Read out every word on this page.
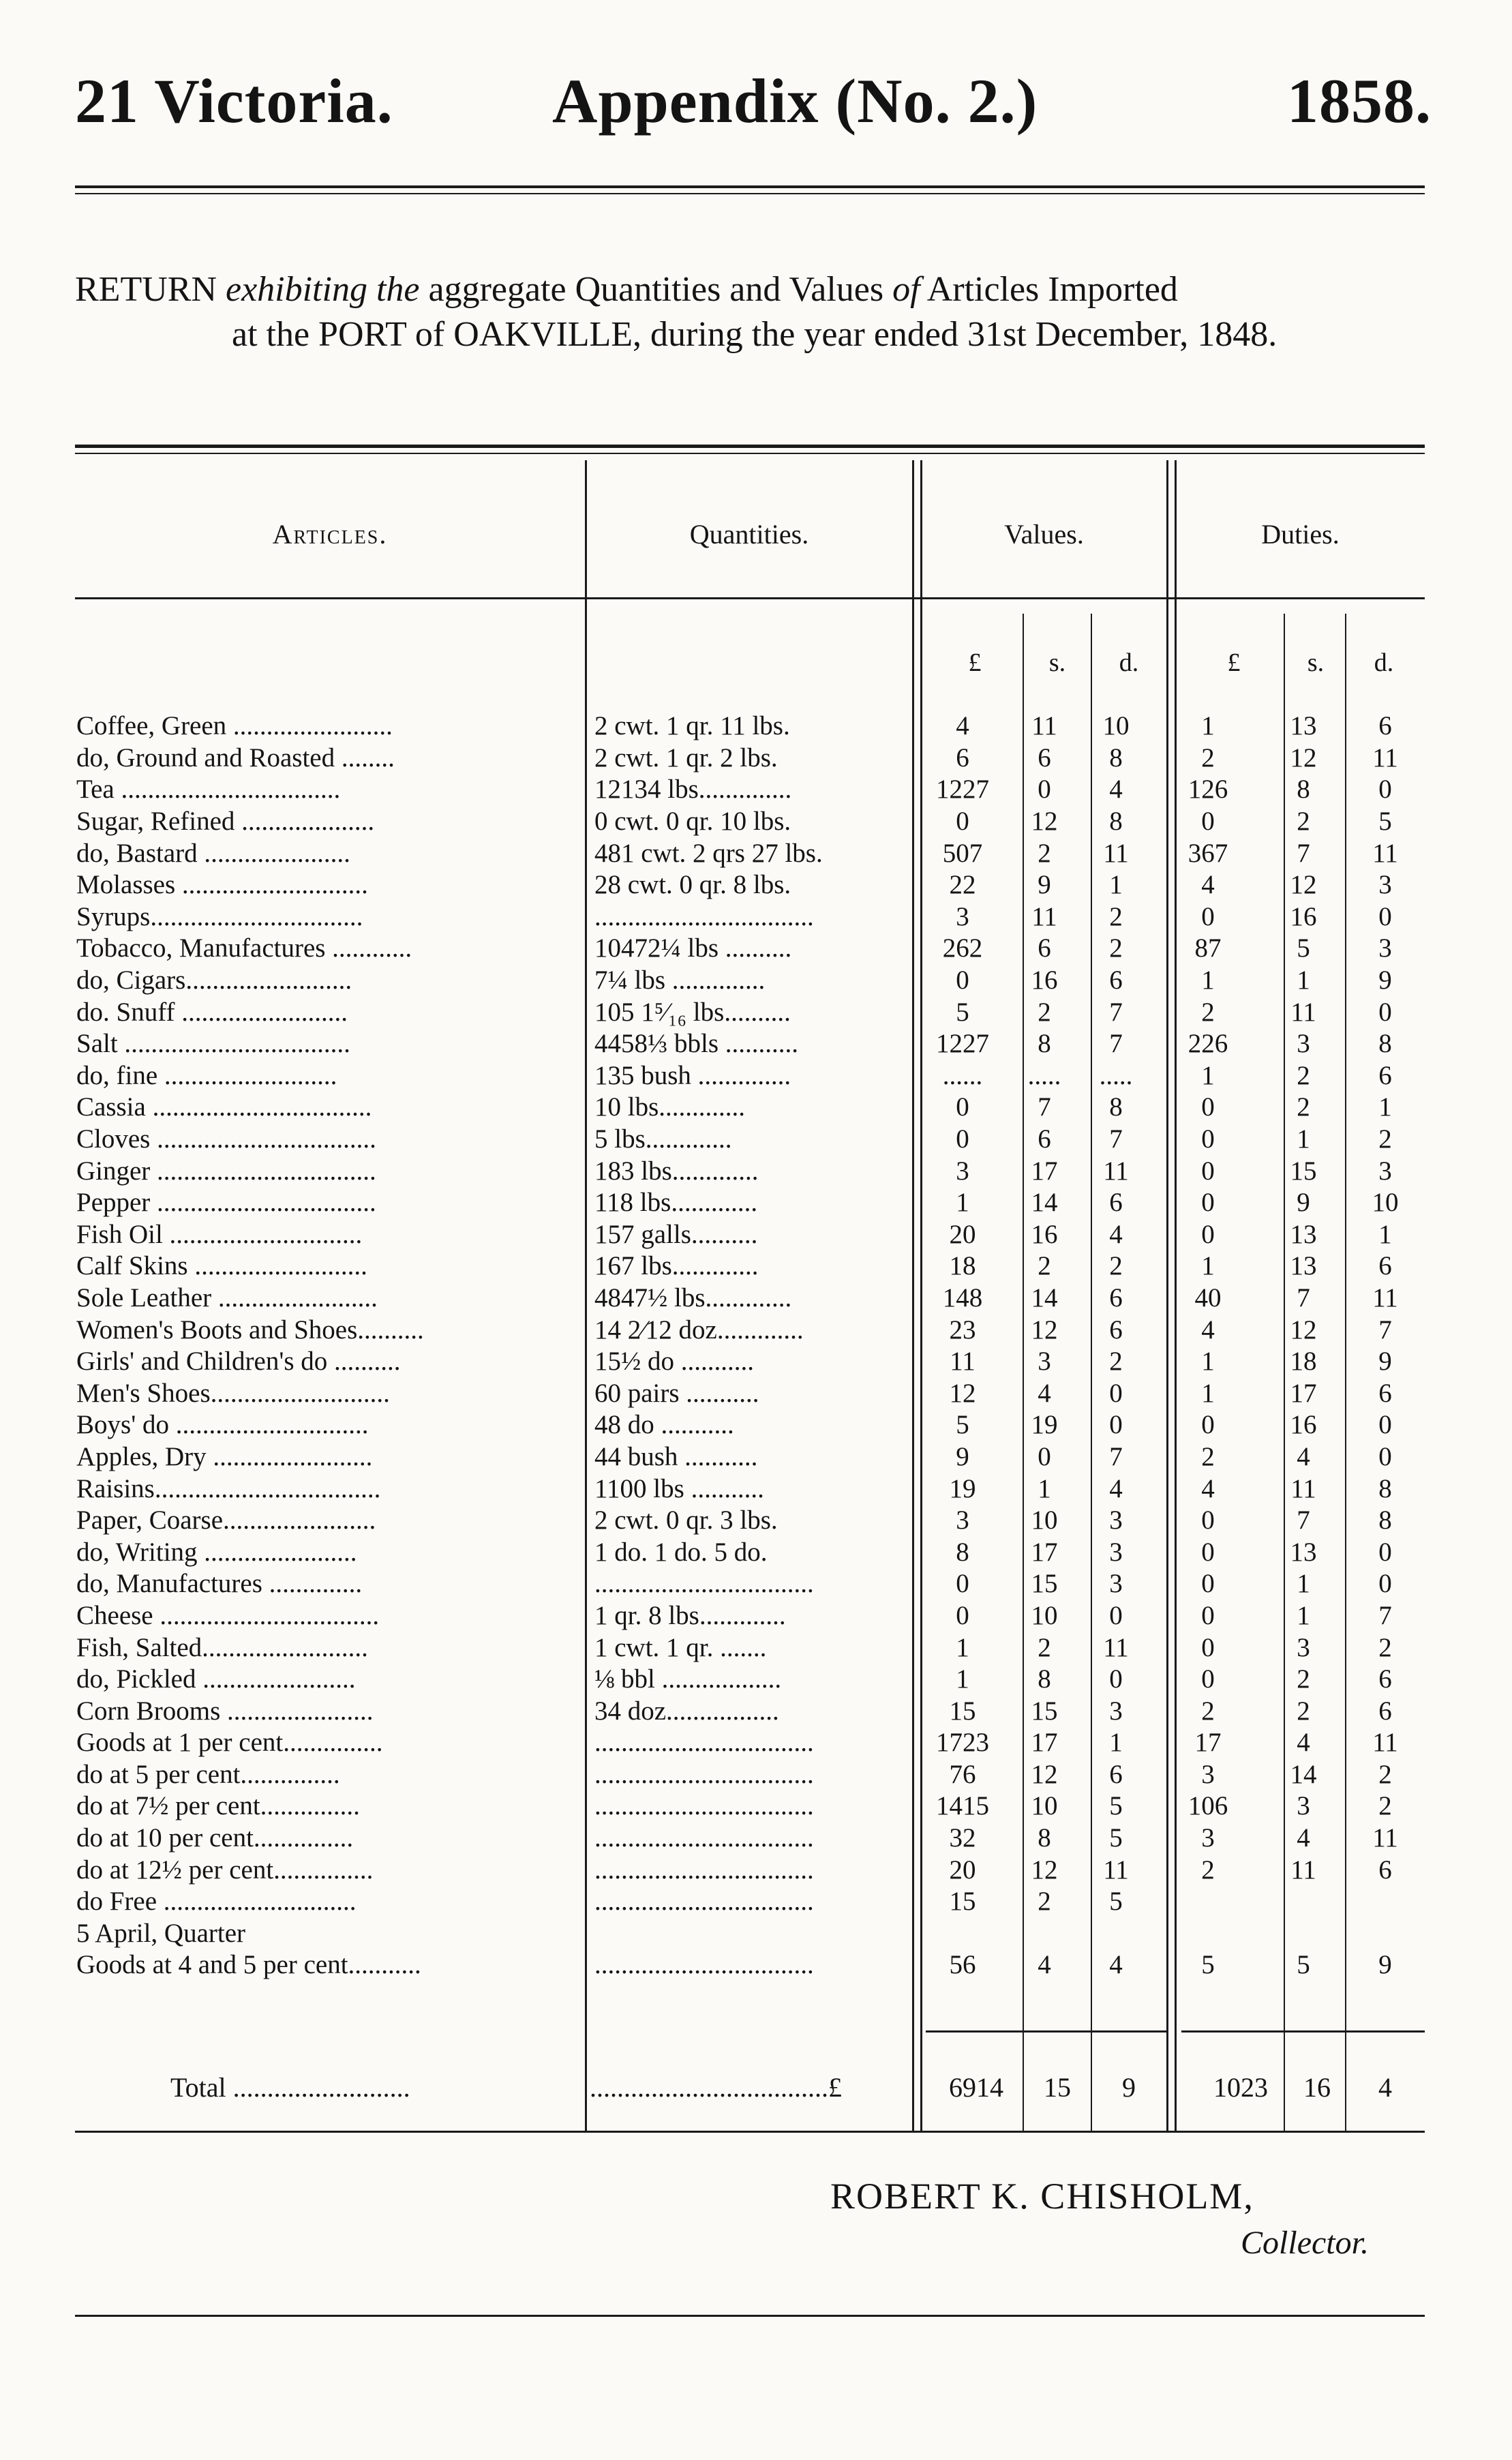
21 Victoria.	Appendix (No. 2.)	1858.
RETURN exhibiting the aggregate Quantities and Values of Articles Imported
at the PORT of OAKVILLE, during the year ended 31st December, 1848.
Articles.	Quantities.	Values.	Duties.
£	s.	d.	£	s.	d.
Coffee, Green ........................	2 cwt. 1 qr. 11 lbs.	4	11	10	1	13	6
do, Ground and Roasted ........	2 cwt. 1 qr. 2 lbs.	6	6	8	2	12	11
Tea .................................	12134 lbs..............	1227	0	4	126	8	0
Sugar, Refined ....................	0 cwt. 0 qr. 10 lbs.	0	12	8	0	2	5
do, Bastard ......................	481 cwt. 2 qrs 27 lbs.	507	2	11	367	7	11
Molasses ............................	28 cwt. 0 qr. 8 lbs.	22	9	1	4	12	3
Syrups................................	.................................	3	11	2	0	16	0
Tobacco, Manufactures ............	10472¼ lbs ..........	262	6	2	87	5	3
do, Cigars.........................	7¼ lbs ..............	0	16	6	1	1	9
do. Snuff .........................	105 1⁵⁄₁₆ lbs..........	5	2	7	2	11	0
Salt ..................................	4458⅓ bbls ...........	1227	8	7	226	3	8
do, fine ..........................	135 bush ..............	......	.....	.....	1	2	6
Cassia .................................	10 lbs.............	0	7	8	0	2	1
Cloves .................................	5 lbs.............	0	6	7	0	1	2
Ginger .................................	183 lbs.............	3	17	11	0	15	3
Pepper .................................	118 lbs.............	1	14	6	0	9	10
Fish Oil .............................	157 galls..........	20	16	4	0	13	1
Calf Skins ..........................	167 lbs.............	18	2	2	1	13	6
Sole Leather ........................	4847½ lbs.............	148	14	6	40	7	11
Women's Boots and Shoes..........	14 2⁄12 doz.............	23	12	6	4	12	7
Girls' and Children's do ..........	15½ do ...........	11	3	2	1	18	9
Men's Shoes...........................	60 pairs ...........	12	4	0	1	17	6
Boys' do .............................	48 do ...........	5	19	0	0	16	0
Apples, Dry ........................	44 bush ...........	9	0	7	2	4	0
Raisins..................................	1100 lbs ...........	19	1	4	4	11	8
Paper, Coarse.......................	2 cwt. 0 qr. 3 lbs.	3	10	3	0	7	8
do, Writing .......................	1 do. 1 do. 5 do.	8	17	3	0	13	0
do, Manufactures ..............	.................................	0	15	3	0	1	0
Cheese .................................	1 qr. 8 lbs.............	0	10	0	0	1	7
Fish, Salted.........................	1 cwt. 1 qr. .......	1	2	11	0	3	2
do, Pickled .......................	⅛ bbl ..................	1	8	0	0	2	6
Corn Brooms ......................	34 doz.................	15	15	3	2	2	6
Goods at 1 per cent...............	.................................	1723	17	1	17	4	11
do at 5 per cent...............	.................................	76	12	6	3	14	2
do at 7½ per cent...............	.................................	1415	10	5	106	3	2
do at 10 per cent...............	.................................	32	8	5	3	4	11
do at 12½ per cent...............	.................................	20	12	11	2	11	6
do Free .............................	.................................	15	2	5			
5 April, Quarter							
Goods at 4 and 5 per cent...........	.................................	56	4	4	5	5	9
Total ..........................	...................................£	6914	15	9	1023	16	4
ROBERT K. CHISHOLM,
Collector.
